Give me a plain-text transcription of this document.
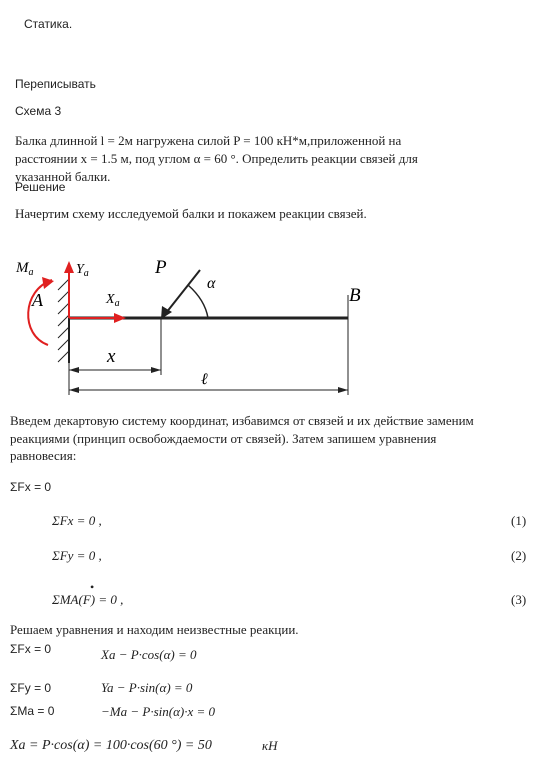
Статика.
Переписывать
Схема 3
Балка длинной l = 2м нагружена силой P = 100 кН*м,приложенной на
расстоянии x = 1.5 м, под углом α = 60 °. Определить реакции связей для
указанной балки.
Решение
Начертим схему исследуемой балки и покажем реакции связей.
$M_a$	$Y_a$
A	$X_a$
P
α
B
x
ℓ
Введем декартовую систему координат, избавимся от связей и их действие заменим
реакциями (принцип освобождаемости от связей). Затем запишем уравнения
равновесия:
ΣFx = 0
ΣFx = 0 ,	(1)
ΣFy = 0 ,	(2)
•
ΣMA(F) = 0 ,	(3)
Решаем уравнения и находим неизвестные реакции.
ΣFx = 0	Xa − P·cos(α) = 0
ΣFy = 0	Ya − P·sin(α) = 0
ΣMa = 0	−Ma − P·sin(α)·x = 0
Xa = P·cos(α) = 100·cos(60 °) = 50	кН
